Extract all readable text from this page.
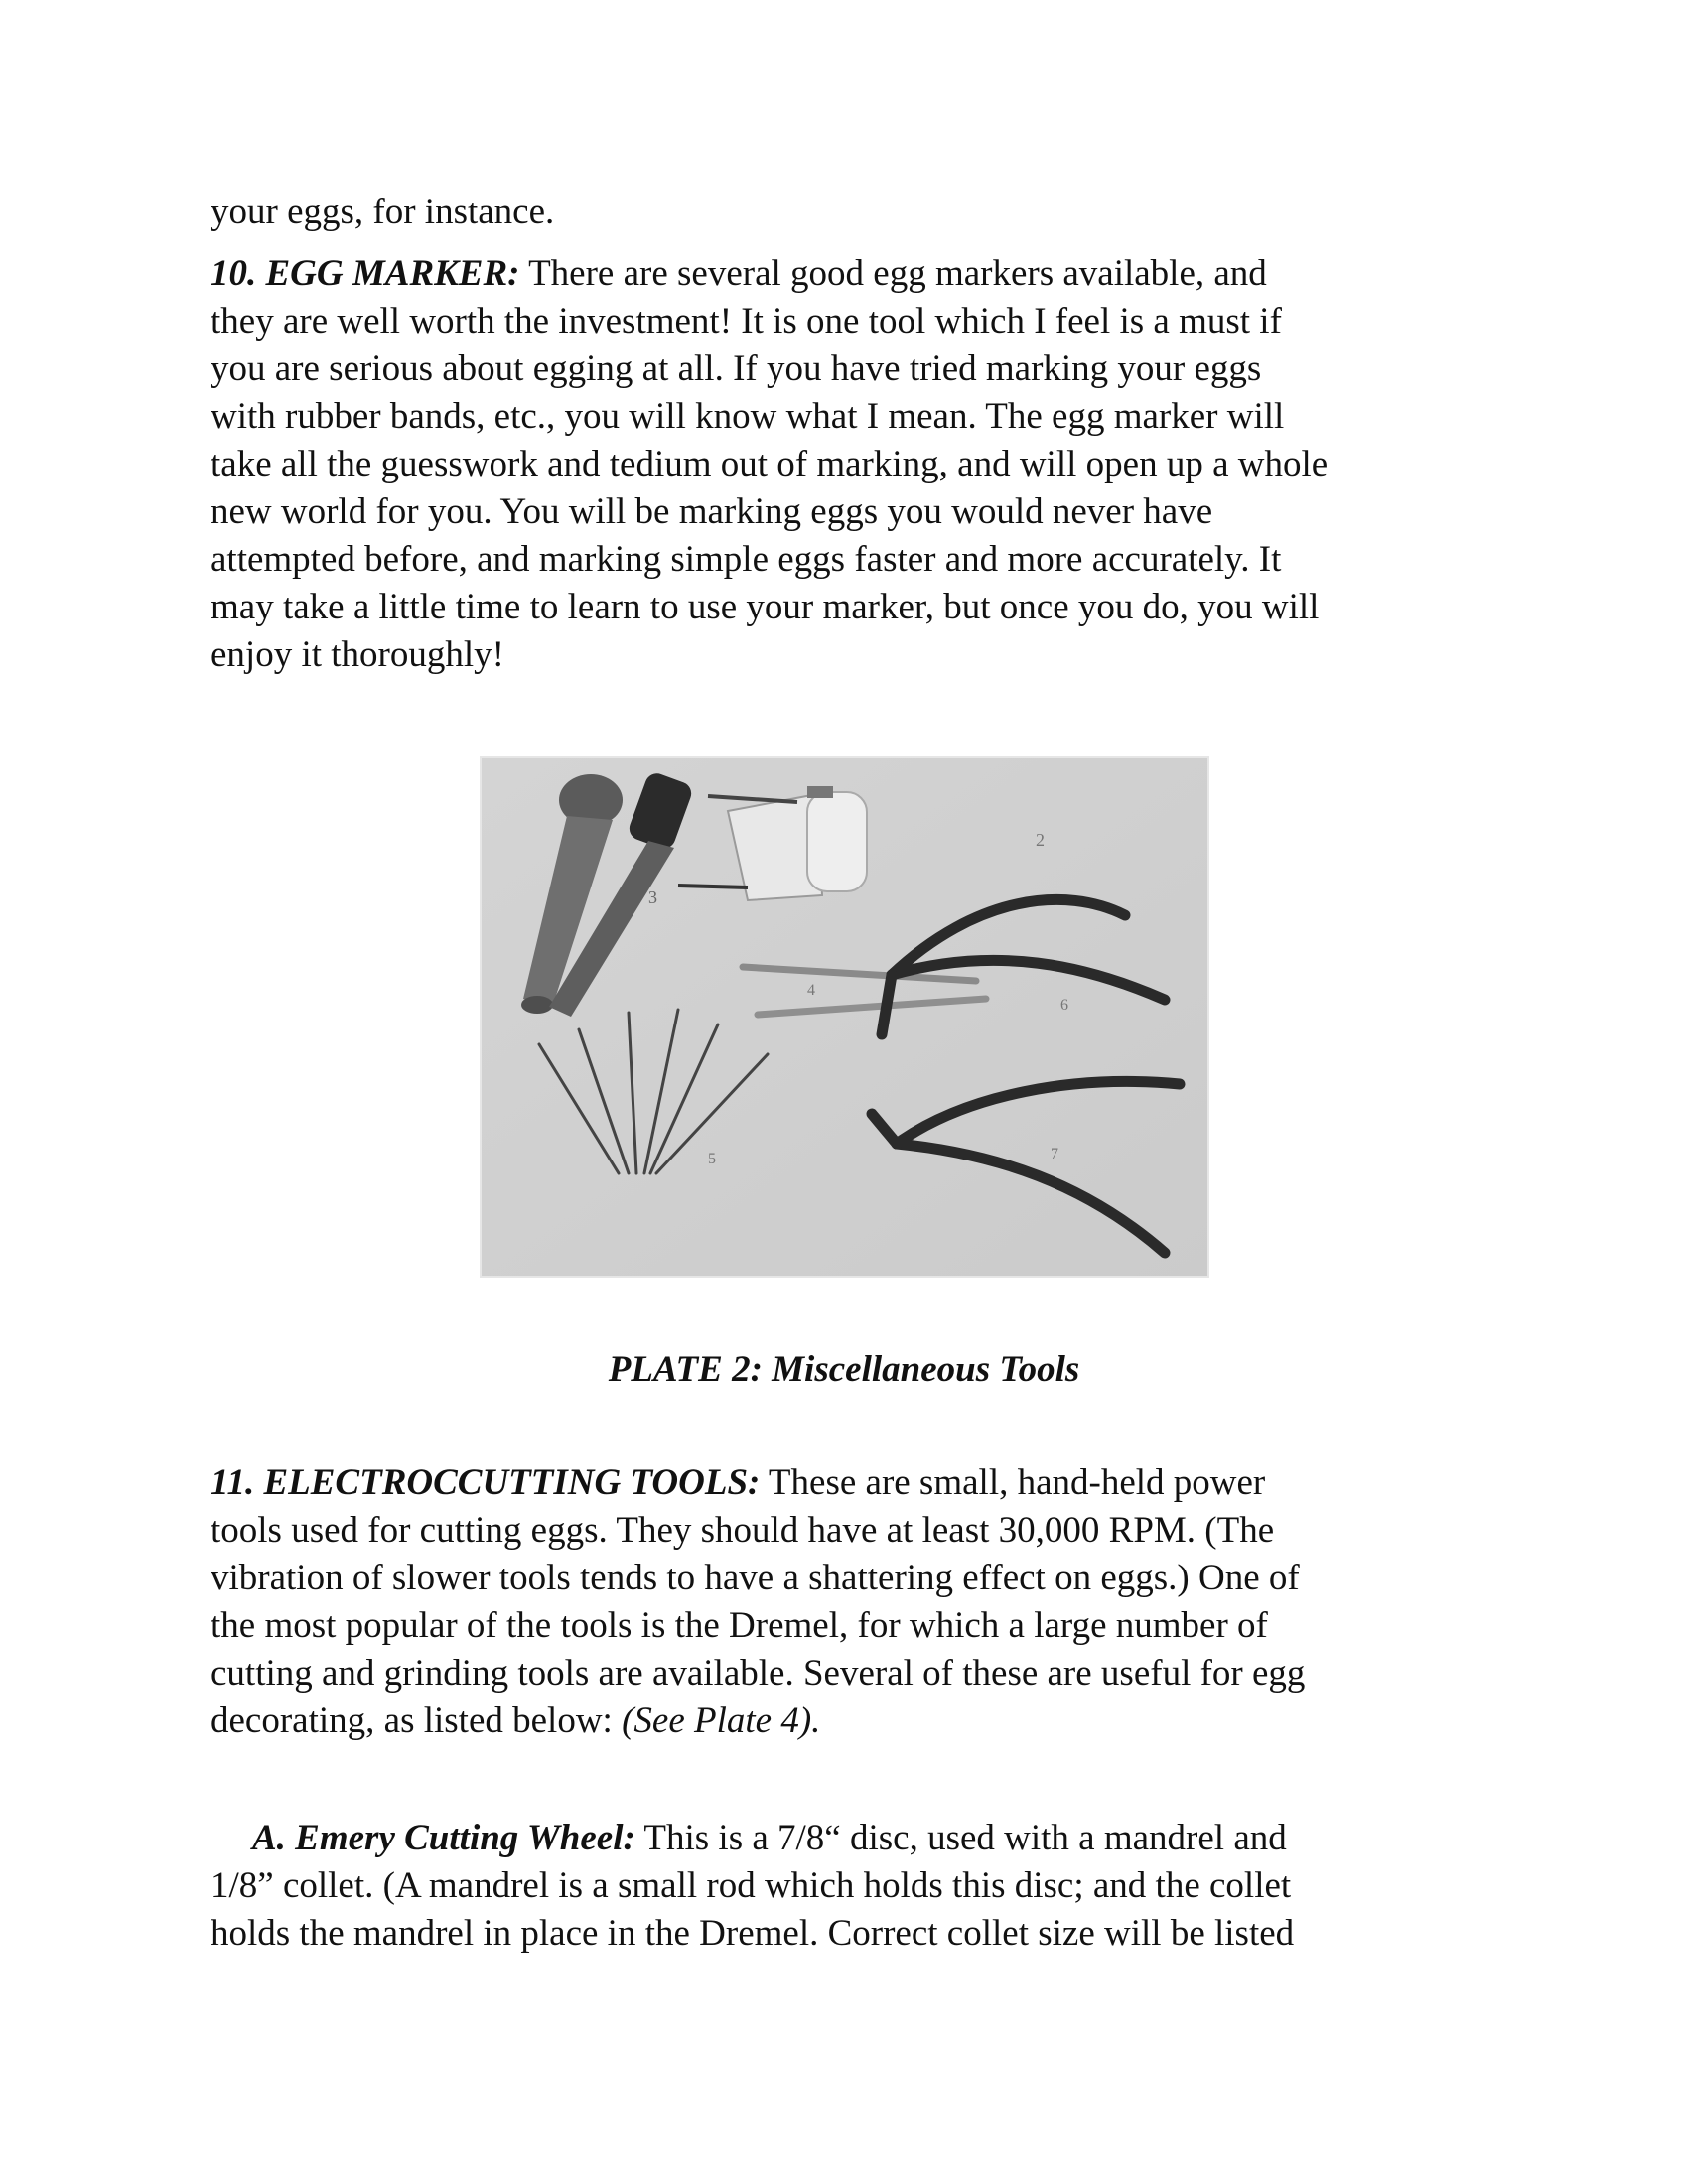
your eggs, for instance.

10. EGG MARKER: There are several good egg markers available, and
they are well worth the investment! It is one tool which I feel is a must if
you are serious about egging at all. If you have tried marking your eggs
with rubber bands, etc., you will know what I mean. The egg marker will
take all the guesswork and tedium out of marking, and will open up a whole
new world for you. You will be marking eggs you would never have
attempted before, and marking simple eggs faster and more accurately. It
may take a little time to learn to use your marker, but once you do, you will
enjoy it thoroughly!

3
2
4
5
6
7
PLATE 2: Miscellaneous Tools

11. ELECTROCCUTTING TOOLS: These are small, hand-held power
tools used for cutting eggs. They should have at least 30,000 RPM. (The
vibration of slower tools tends to have a shattering effect on eggs.) One of
the most popular of the tools is the Dremel, for which a large number of
cutting and grinding tools are available. Several of these are useful for egg
decorating, as listed below: (See Plate 4).

A. Emery Cutting Wheel: This is a 7/8“ disc, used with a mandrel and
1/8” collet. (A mandrel is a small rod which holds this disc; and the collet
holds the mandrel in place in the Dremel. Correct collet size will be listed
